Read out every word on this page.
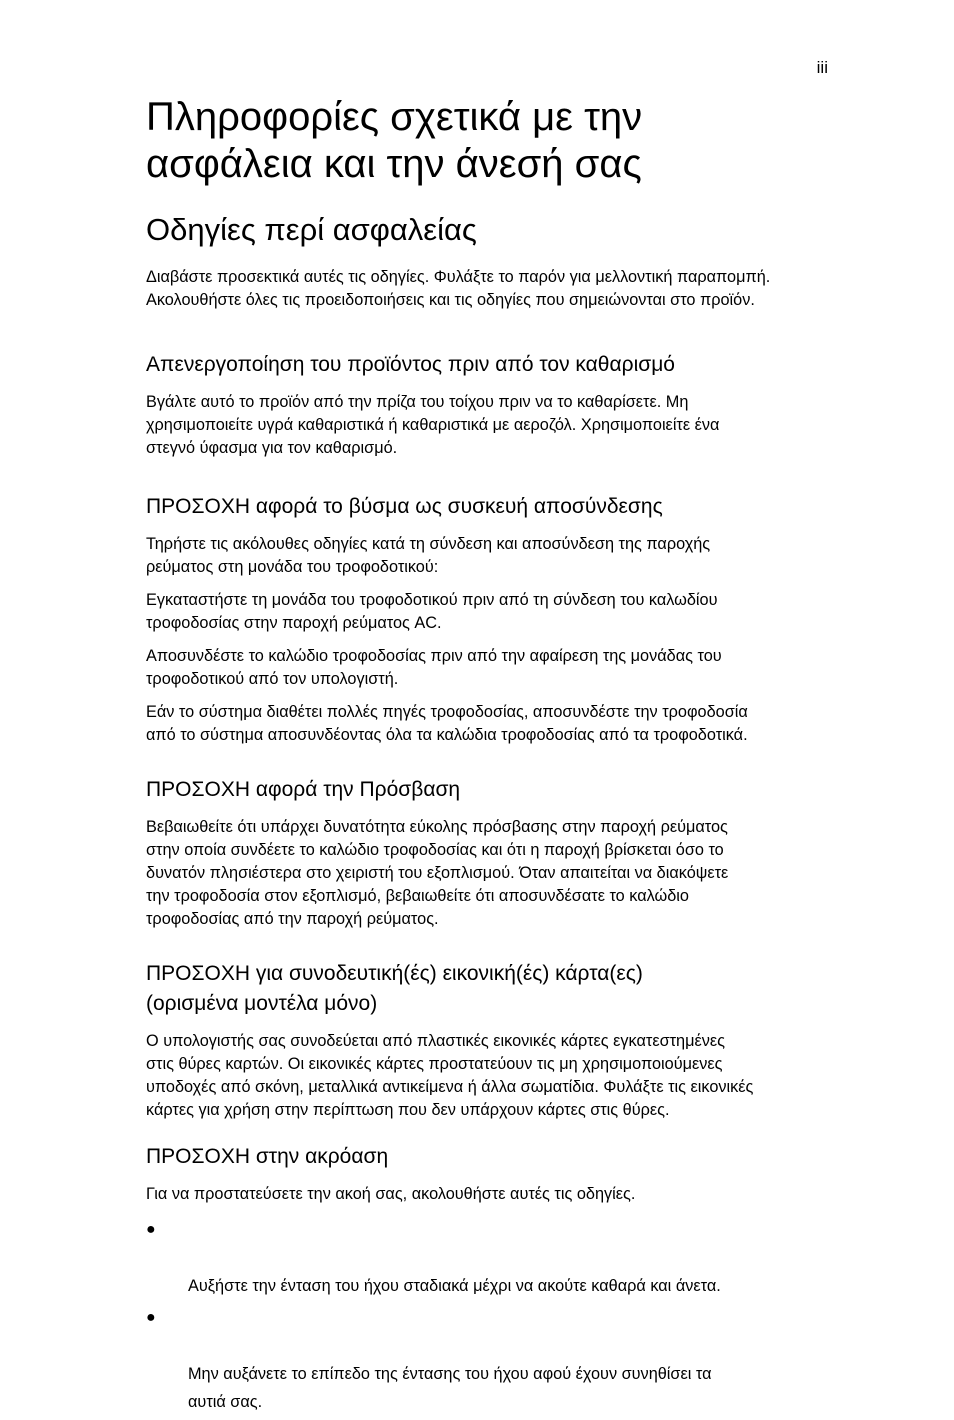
iii
Πληροφορίες σχετικά με την
ασφάλεια και την άνεσή σας
Οδηγίες περί ασφαλείας

Διαβάστε προσεκτικά αυτές τις οδηγίες. Φυλάξτε το παρόν για μελλοντική παραπομπή.
Ακολουθήστε όλες τις προειδοποιήσεις και τις οδηγίες που σημειώνονται στο προϊόν.

Απενεργοποίηση του προϊόντος πριν από τον καθαρισμό

Βγάλτε αυτό το προϊόν από την πρίζα του τοίχου πριν να το καθαρίσετε. Μη
χρησιμοποιείτε υγρά καθαριστικά ή καθαριστικά με αεροζόλ. Χρησιμοποιείτε ένα
στεγνό ύφασμα για τον καθαρισμό.

ΠΡΟΣΟΧΗ αφορά το βύσμα ως συσκευή αποσύνδεσης

Τηρήστε τις ακόλουθες οδηγίες κατά τη σύνδεση και αποσύνδεση της παροχής
ρεύματος στη μονάδα του τροφοδοτικού:

Εγκαταστήστε τη μονάδα του τροφοδοτικού πριν από τη σύνδεση του καλωδίου
τροφοδοσίας στην παροχή ρεύματος AC.

Αποσυνδέστε το καλώδιο τροφοδοσίας πριν από την αφαίρεση της μονάδας του
τροφοδοτικού από τον υπολογιστή.

Εάν το σύστημα διαθέτει πολλές πηγές τροφοδοσίας, αποσυνδέστε την τροφοδοσία
από το σύστημα αποσυνδέοντας όλα τα καλώδια τροφοδοσίας από τα τροφοδοτικά.

ΠΡΟΣΟΧΗ αφορά την Πρόσβαση

Βεβαιωθείτε ότι υπάρχει δυνατότητα εύκολης πρόσβασης στην παροχή ρεύματος
στην οποία συνδέετε το καλώδιο τροφοδοσίας και ότι η παροχή βρίσκεται όσο το
δυνατόν πλησιέστερα στο χειριστή του εξοπλισμού. Όταν απαιτείται να διακόψετε
την τροφοδοσία στον εξοπλισμό, βεβαιωθείτε ότι αποσυνδέσατε το καλώδιο
τροφοδοσίας από την παροχή ρεύματος.

ΠΡΟΣΟΧΗ για συνοδευτική(ές) εικονική(ές) κάρτα(ες)
(ορισμένα μοντέλα μόνο)

Ο υπολογιστής σας συνοδεύεται από πλαστικές εικονικές κάρτες εγκατεστημένες
στις θύρες καρτών. Οι εικονικές κάρτες προστατεύουν τις μη χρησιμοποιούμενες
υποδοχές από σκόνη, μεταλλικά αντικείμενα ή άλλα σωματίδια. Φυλάξτε τις εικονικές
κάρτες για χρήση στην περίπτωση που δεν υπάρχουν κάρτες στις θύρες.

ΠΡΟΣΟΧΗ στην ακρόαση

Για να προστατεύσετε την ακοή σας, ακολουθήστε αυτές τις οδηγίες.

●

Αυξήστε την ένταση του ήχου σταδιακά μέχρι να ακούτε καθαρά και άνετα.

●

Μην αυξάνετε το επίπεδο της έντασης του ήχου αφού έχουν συνηθίσει τα
αυτιά σας.
